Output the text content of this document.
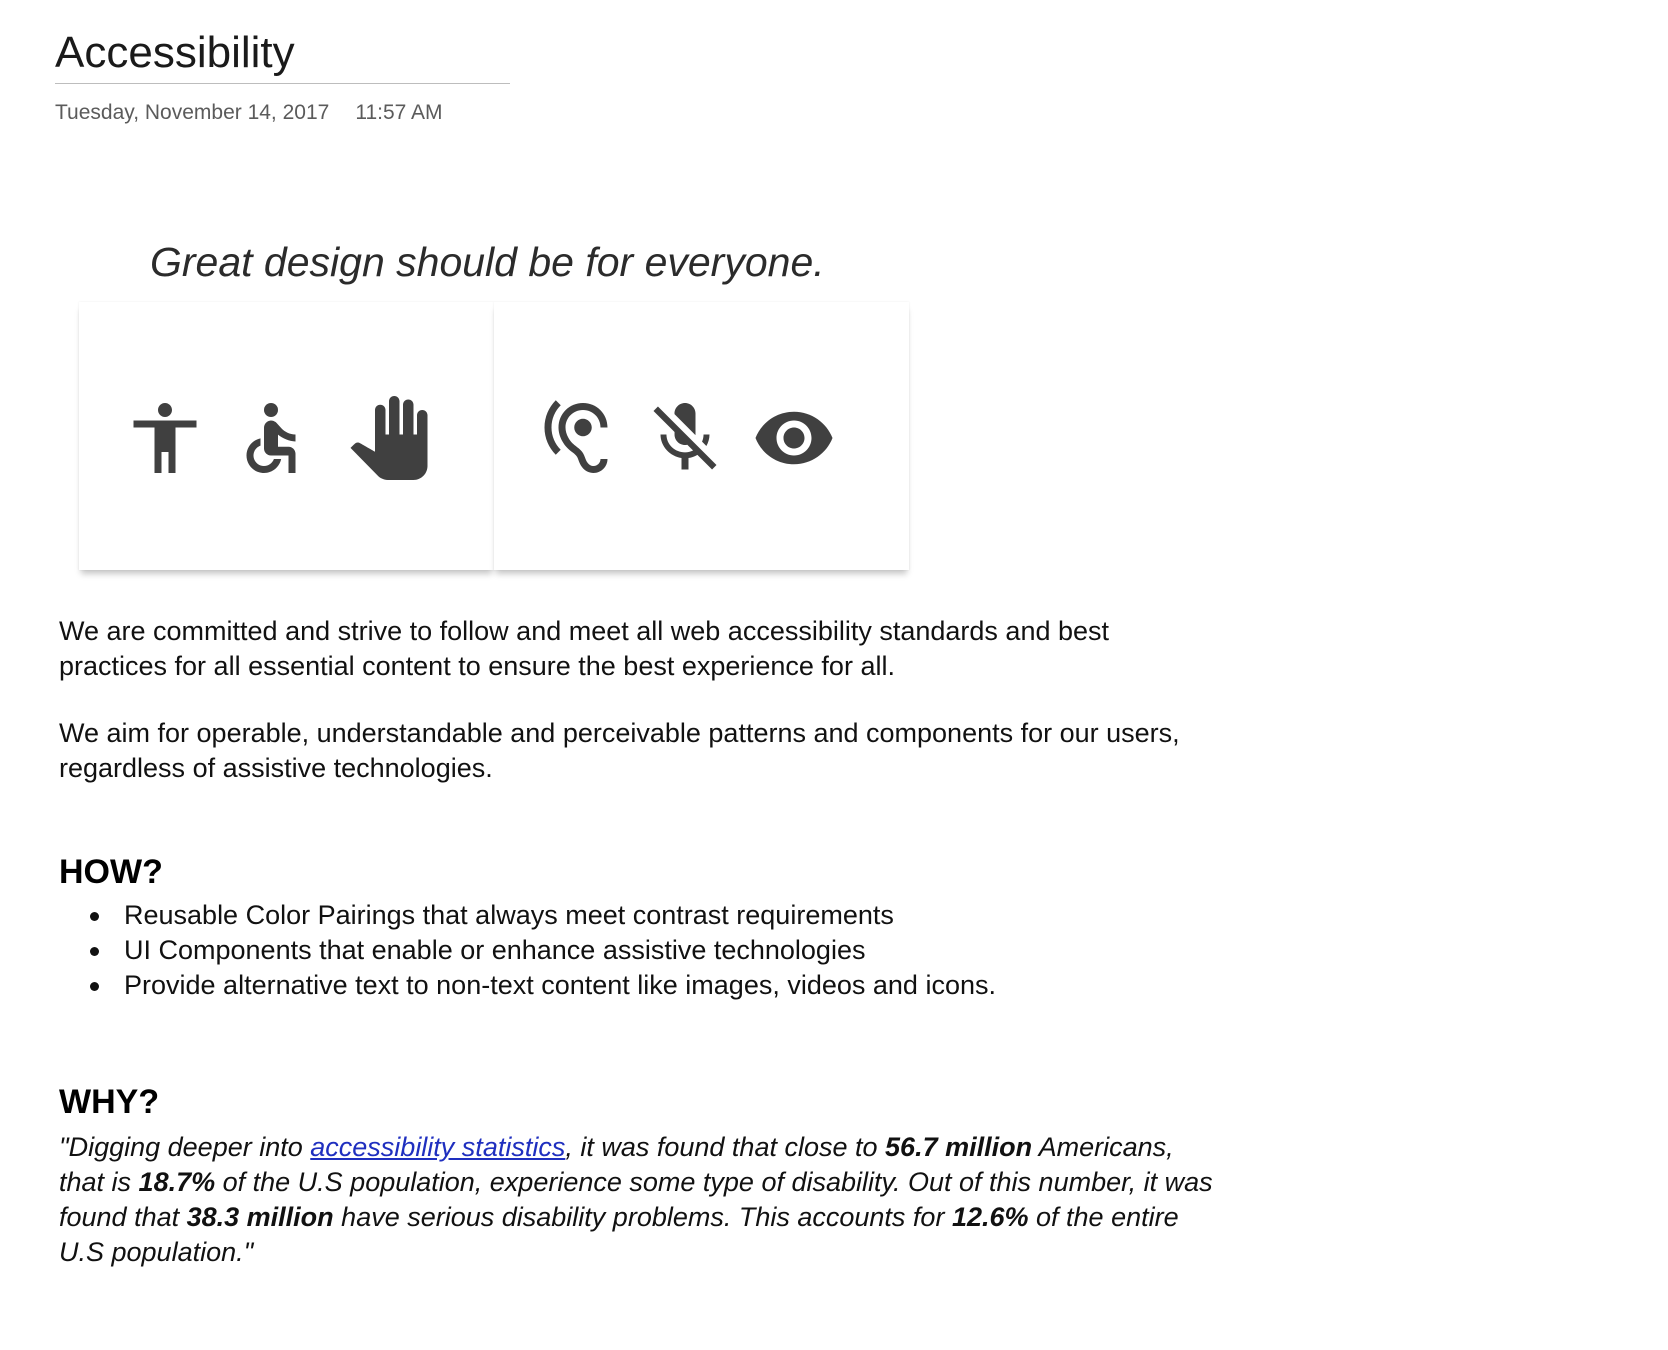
Accessibility
Tuesday, November 14, 2017 11:57 AM
Great design should be for everyone.

We are committed and strive to follow and meet all web accessibility standards and best practices for all essential content to ensure the best experience for all.

We aim for operable, understandable and perceivable patterns and components for our users, regardless of assistive technologies.

HOW?
Reusable Color Pairings that always meet contrast requirements
UI Components that enable or enhance assistive technologies
Provide alternative text to non-text content like images, videos and icons.
WHY?

"Digging deeper into accessibility statistics, it was found that close to 56.7 million Americans, that is 18.7% of the U.S population, experience some type of disability. Out of this number, it was found that 38.3 million have serious disability problems. This accounts for 12.6% of the entire U.S population."
